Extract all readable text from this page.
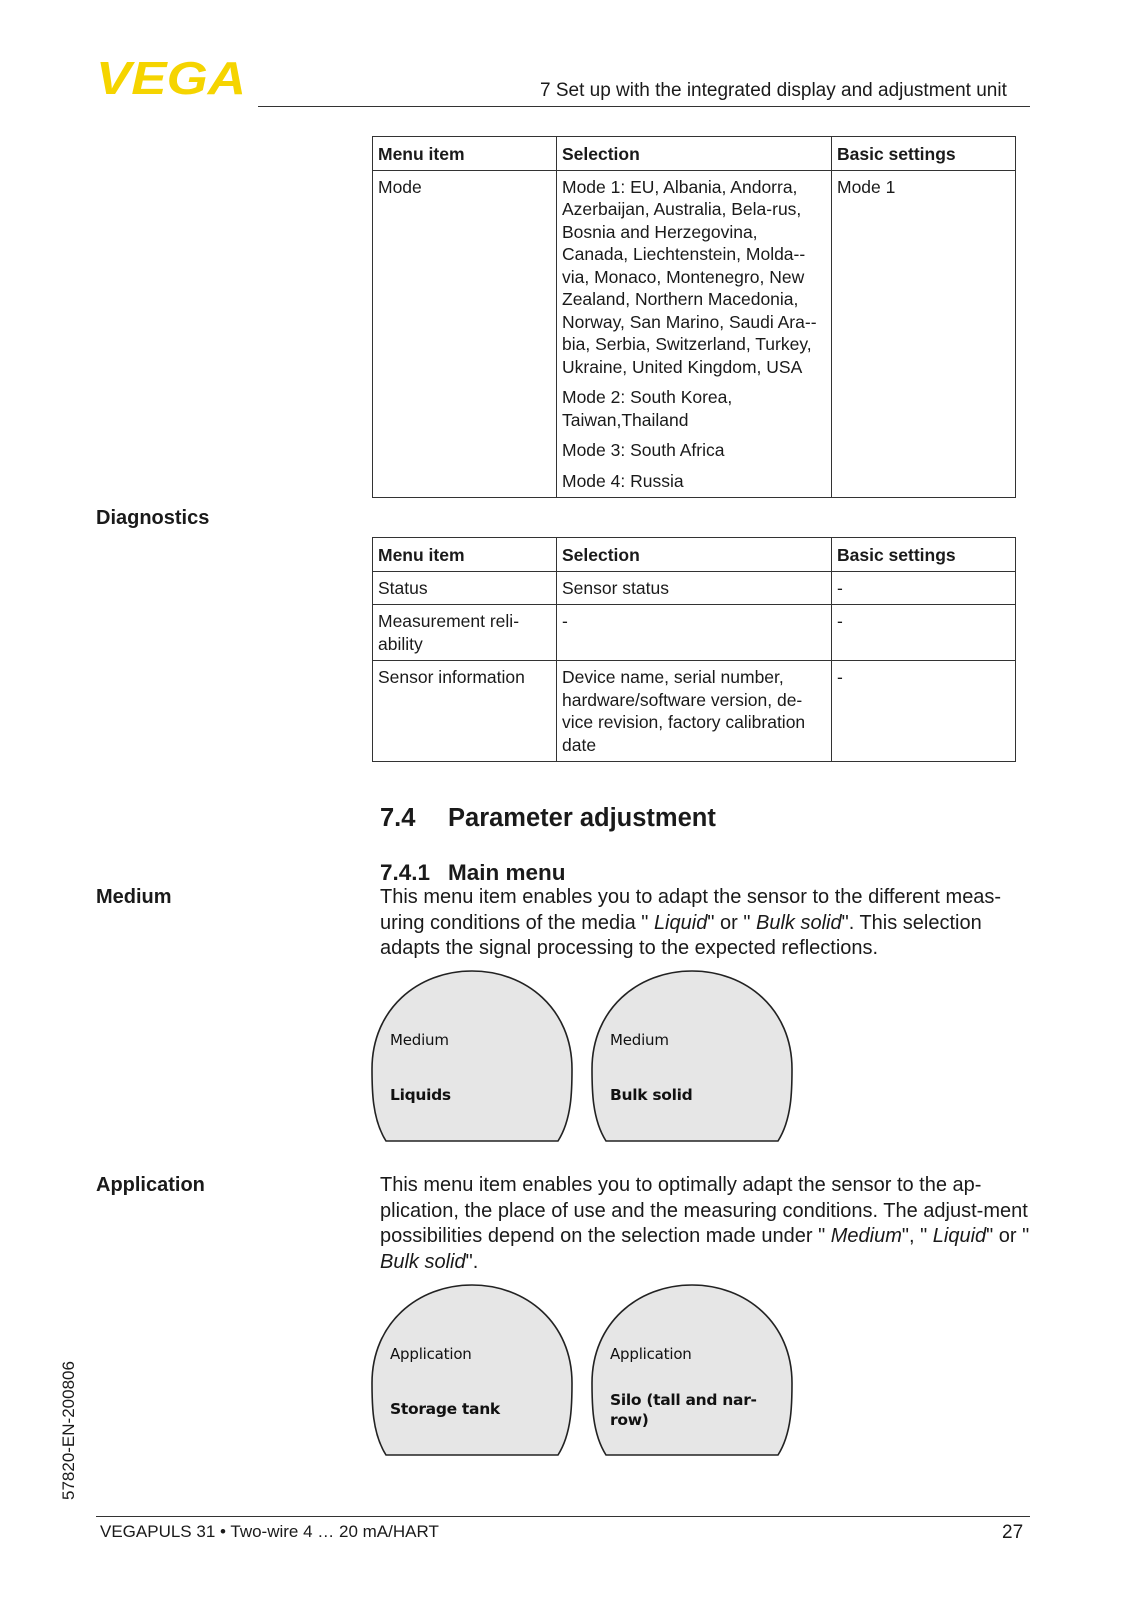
VEGA	7 Set up with the integrated display and adjustment unit
Menu item	Selection	Basic settings
Mode	Mode 1: EU, Albania, Andorra, Azerbaijan, Australia, Bela-rus, Bosnia and Herzegovina, Canada, Liechtenstein, Molda-via, Monaco, Montenegro, New Zealand, Northern Macedonia, Norway, San Marino, Saudi Ara-bia, Serbia, Switzerland, Turkey, Ukraine, United Kingdom, USA

Mode 2: South Korea, Taiwan,Thailand

Mode 3: South Africa

Mode 4: Russia	Mode 1
Diagnostics
Menu item	Selection	Basic settings
Status	Sensor status	-
Measurement reli-ability	-	-
Sensor information	Device name, serial number, hardware/software version, de-vice revision, factory calibration date	-
7.4 Parameter adjustment
7.4.1 Main menu
Medium	This menu item enables you to adapt the sensor to the different meas-uring conditions of the media " Liquid" or " Bulk solid". This selection adapts the signal processing to the expected reflections.
Medium
Liquids
Medium
Bulk solid
Application	This menu item enables you to optimally adapt the sensor to the ap-plication, the place of use and the measuring conditions. The adjust-ment possibilities depend on the selection made under " Medium", " Liquid" or " Bulk solid".
Application
Storage tank
Application
Silo (tall and nar-row)
57820-EN-200806
VEGAPULS 31 • Two-wire 4 … 20 mA/HART	27
